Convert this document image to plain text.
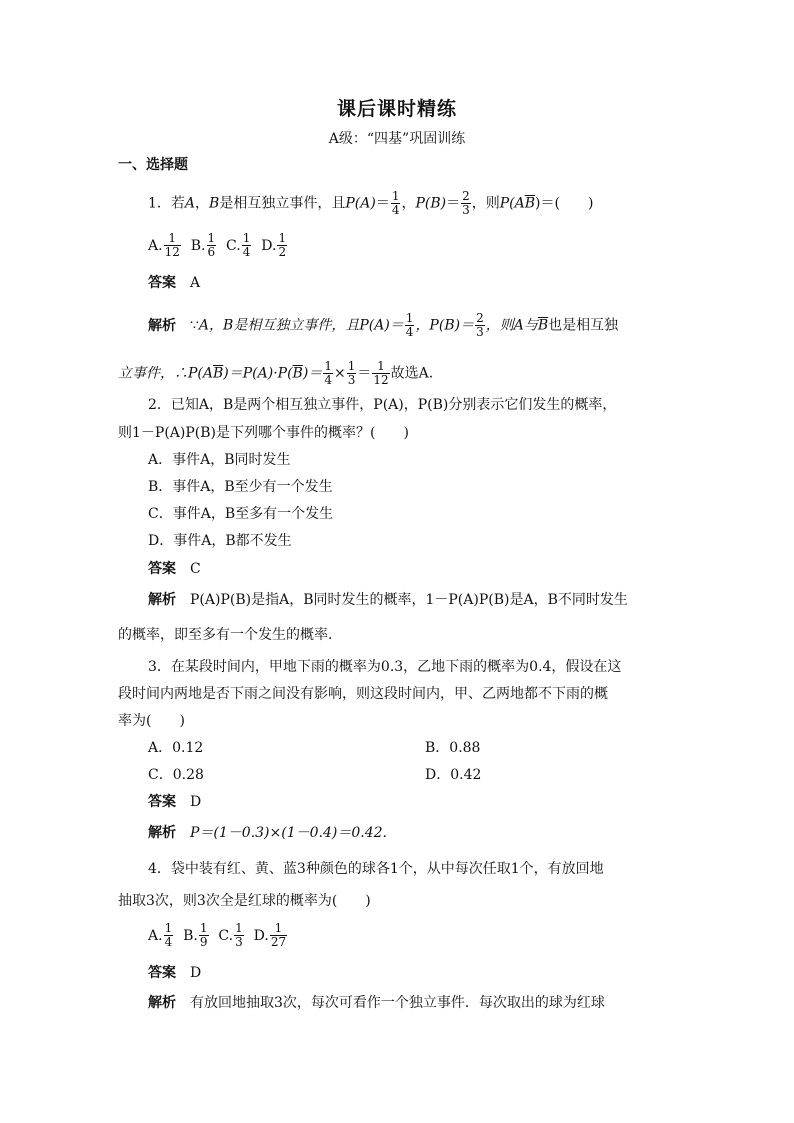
课后课时精练
A级：“四基”巩固训练
一、选择题
1．若A，B是相互独立事件，且$P(A)= \frac{1}{4}$ ，$P(B)= \frac{2}{3}$ ，则$P(A\overline{B})=$(　　)
A. $\frac{1}{12} B$. $\frac{1}{6} C$. $\frac{1}{4} D$. $\frac{1}{2}$
答案 A
解析 ∵A，B是相互独立事件，且$P(A)= \frac{1}{4}$ ，$P(B)= \frac{2}{3}$ ，则A与$\overline{B}$也是相互独
立事件，$\therefore P(A\overline{B})=P(A)\cdot P(\overline{B})= \frac{1}{4} \times \frac{1}{3} = \frac{1}{12}$ 故选A.
2．已知A，B是两个相互独立事件，P(A)，P(B)分别表示它们发生的概率，
则1－P(A)P(B)是下列哪个事件的概率？(　　)
A．事件A，B同时发生
B．事件A，B至少有一个发生
C．事件A，B至多有一个发生
D．事件A，B都不发生
答案 C
解析 P(A)P(B)是指A，B同时发生的概率，1－P(A)P(B)是A，B不同时发生
的概率，即至多有一个发生的概率．
3．在某段时间内，甲地下雨的概率为0.3，乙地下雨的概率为0.4，假设在这
段时间内两地是否下雨之间没有影响，则这段时间内，甲、乙两地都不下雨的概
率为(　　)
A．0.12	B．0.88
C．0.28	D．0.42
答案 D
解析 P＝(1－0.3)×(1－0.4)＝0.42.
4．袋中装有红、黄、蓝3种颜色的球各1个，从中每次任取1个，有放回地
抽取3次，则3次全是红球的概率为(　　)
A. $\frac{1}{4} B$. $\frac{1}{9} C$. $\frac{1}{3} D$. $\frac{1}{27}$
答案 D
解析 有放回地抽取3次，每次可看作一个独立事件．每次取出的球为红球
